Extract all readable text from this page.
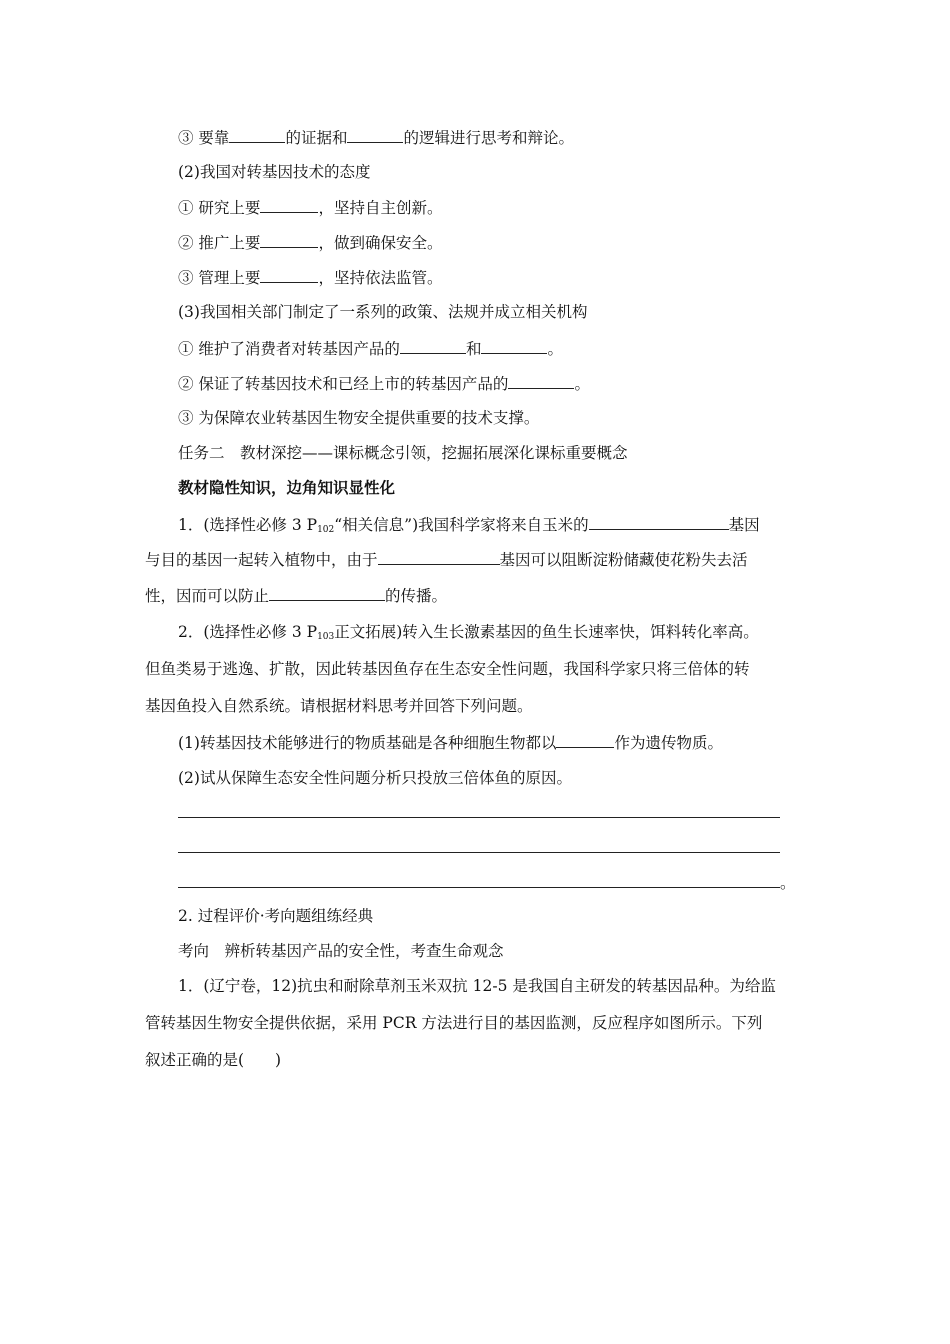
③ 要靠	的证据和	的逻辑进行思考和辩论。
(2)我国对转基因技术的态度
① 研究上要	，坚持自主创新。
② 推广上要	，做到确保安全。
③ 管理上要	，坚持依法监管。
(3)我国相关部门制定了一系列的政策、法规并成立相关机构
① 维护了消费者对转基因产品的	和	。
② 保证了转基因技术和已经上市的转基因产品的	。
③ 为保障农业转基因生物安全提供重要的技术支撑。
任务二　教材深挖——课标概念引领，挖掘拓展深化课标重要概念
教材隐性知识，边角知识显性化
1．(选择性必修 3 $P_{102}“$相关信息”)我国科学家将来自玉米的	基因
与目的基因一起转入植物中，由于	基因可以阻断淀粉储藏使花粉失去活
性，因而可以防止	的传播。
2．(选择性必修 3 $P_{103}$正文拓展)转入生长激素基因的鱼生长速率快，饵料转化率高。
但鱼类易于逃逸、扩散，因此转基因鱼存在生态安全性问题，我国科学家只将三倍体的转
基因鱼投入自然系统。请根据材料思考并回答下列问题。
(1)转基因技术能够进行的物质基础是各种细胞生物都以	作为遗传物质。
(2)试从保障生态安全性问题分析只投放三倍体鱼的原因。
。
2. 过程评价·考向题组练经典
考向　辨析转基因产品的安全性，考查生命观念
1．(辽宁卷，12)抗虫和耐除草剂玉米双抗 12-5 是我国自主研发的转基因品种。为给监
管转基因生物安全提供依据，采用 PCR 方法进行目的基因监测，反应程序如图所示。下列
叙述正确的是(　　)
